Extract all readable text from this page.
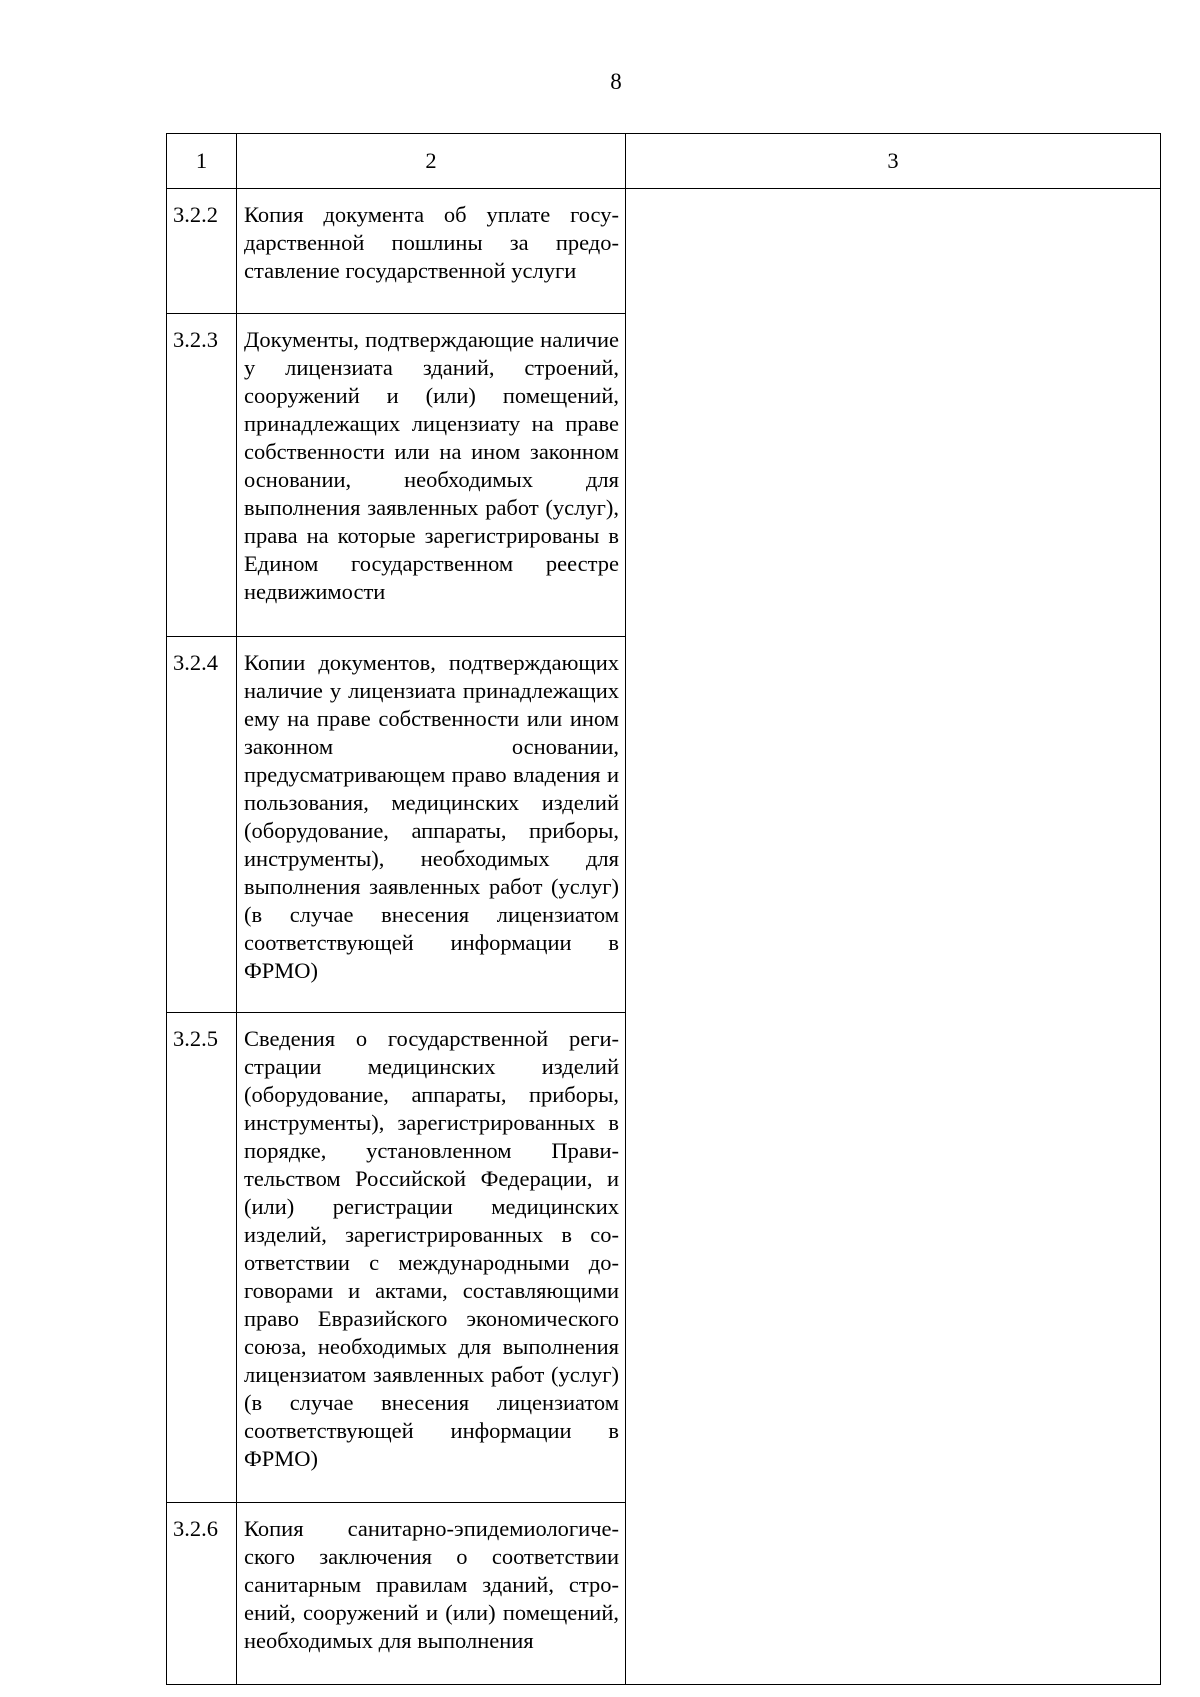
8
1	2	3
3.2.2	Копия документа об уплате государственной пошлины за предоставление государственной услуги	
3.2.3	Документы, подтверждающие наличие у лицензиата зданий, строений, сооружений и (или) помещений, принадлежащих лицензиату на праве собственности или на ином законном основании, необходимых для выполнения заявленных работ (услуг), права на которые зарегистрированы в Едином государственном реестре недвижимости	
3.2.4	Копии документов, подтверждающих наличие у лицензиата принадлежащих ему на праве собственности или ином законном основании, предусматривающем право владения и пользования, медицинских изделий (оборудование, аппараты, приборы, инструменты), необходимых для выполнения заявленных работ (услуг) (в случае внесения лицензиатом соответствующей информации в ФРМО)	
3.2.5	Сведения о государственной регистрации медицинских изделий (оборудование, аппараты, приборы, инструменты), зарегистрированных в порядке, установленном Правительством Российской Федерации, и (или) регистрации медицинских изделий, зарегистрированных в соответствии с международными договорами и актами, составляющими право Евразийского экономического союза, необходимых для выполнения лицензиатом заявленных работ (услуг) (в случае внесения лицензиатом соответствующей информации в ФРМО)	
3.2.6	Копия санитарно-эпидемиологического заключения о соответствии санитарным правилам зданий, строений, сооружений и (или) помещений, необходимых для выполнения	
